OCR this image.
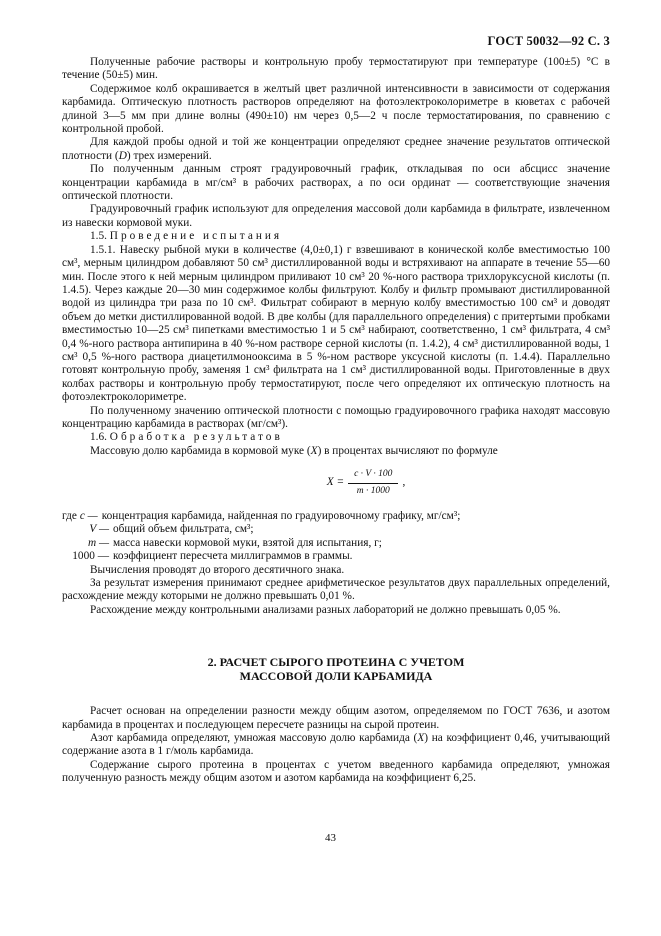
ГОСТ 50032—92 С. 3

Полученные рабочие растворы и контрольную пробу термостатируют при температуре (100±5) °С в течение (50±5) мин.

Содержимое колб окрашивается в желтый цвет различной интенсивности в зависимости от содержания карбамида. Оптическую плотность растворов определяют на фотоэлектроколориметре в кюветах с рабочей длиной 3—5 мм при длине волны (490±10) нм через 0,5—2 ч после термостатирования, по сравнению с контрольной пробой.

Для каждой пробы одной и той же концентрации определяют среднее значение результатов оптической плотности (D) трех измерений.

По полученным данным строят градуировочный график, откладывая по оси абсцисс значение концентрации карбамида в мг/см³ в рабочих растворах, а по оси ординат — соответствующие значения оптической плотности.

Градуировочный график используют для определения массовой доли карбамида в фильтрате, извлеченном из навески кормовой муки.

1.5. Проведение испытания

1.5.1. Навеску рыбной муки в количестве (4,0±0,1) г взвешивают в конической колбе вместимостью 100 см³, мерным цилиндром добавляют 50 см³ дистиллированной воды и встряхивают на аппарате в течение 55—60 мин. После этого к ней мерным цилиндром приливают 10 см³ 20 %-ного раствора трихлоруксусной кислоты (п. 1.4.5). Через каждые 20—30 мин содержимое колбы фильтруют. Колбу и фильтр промывают дистиллированной водой из цилиндра три раза по 10 см³. Фильтрат собирают в мерную колбу вместимостью 100 см³ и доводят объем до метки дистиллированной водой. В две колбы (для параллельного определения) с притертыми пробками вместимостью 10—25 см³ пипетками вместимостью 1 и 5 см³ набирают, соответственно, 1 см³ фильтрата, 4 см³ 0,4 %-ного раствора антипирина в 40 %-ном растворе серной кислоты (п. 1.4.2), 4 см³ дистиллированной воды, 1 см³ 0,5 %-ного раствора диацетилмонооксима в 5 %-ном растворе уксусной кислоты (п. 1.4.4). Параллельно готовят контрольную пробу, заменяя 1 см³ фильтрата на 1 см³ дистиллированной воды. Приготовленные в двух колбах растворы и контрольную пробу термостатируют, после чего определяют их оптическую плотность на фотоэлектроколориметре.

По полученному значению оптической плотности с помощью градуировочного графика находят массовую концентрацию карбамида в растворах (мг/см³).

1.6. Обработка результатов

Массовую долю карбамида в кормовой муке (X) в процентах вычисляют по формуле

$X = \frac{c \cdot V \cdot 100}{m \cdot 1000}$ ,
где c — концентрация карбамида, найденная по градуировочному графику, мг/см³;
V — общий объем фильтрата, см³;
m — масса навески кормовой муки, взятой для испытания, г;
1000 — коэффициент пересчета миллиграммов в граммы.

Вычисления проводят до второго десятичного знака.

За результат измерения принимают среднее арифметическое результатов двух параллельных определений, расхождение между которыми не должно превышать 0,01 %.

Расхождение между контрольными анализами разных лабораторий не должно превышать 0,05 %.

2. РАСЧЕТ СЫРОГО ПРОТЕИНА С УЧЕТОМ
МАССОВОЙ ДОЛИ КАРБАМИДА

Расчет основан на определении разности между общим азотом, определяемом по ГОСТ 7636, и азотом карбамида в процентах и последующем пересчете разницы на сырой протеин.

Азот карбамида определяют, умножая массовую долю карбамида (X) на коэффициент 0,46, учитывающий содержание азота в 1 г/моль карбамида.

Содержание сырого протеина в процентах с учетом введенного карбамида определяют, умножая полученную разность между общим азотом и азотом карбамида на коэффициент 6,25.

43
